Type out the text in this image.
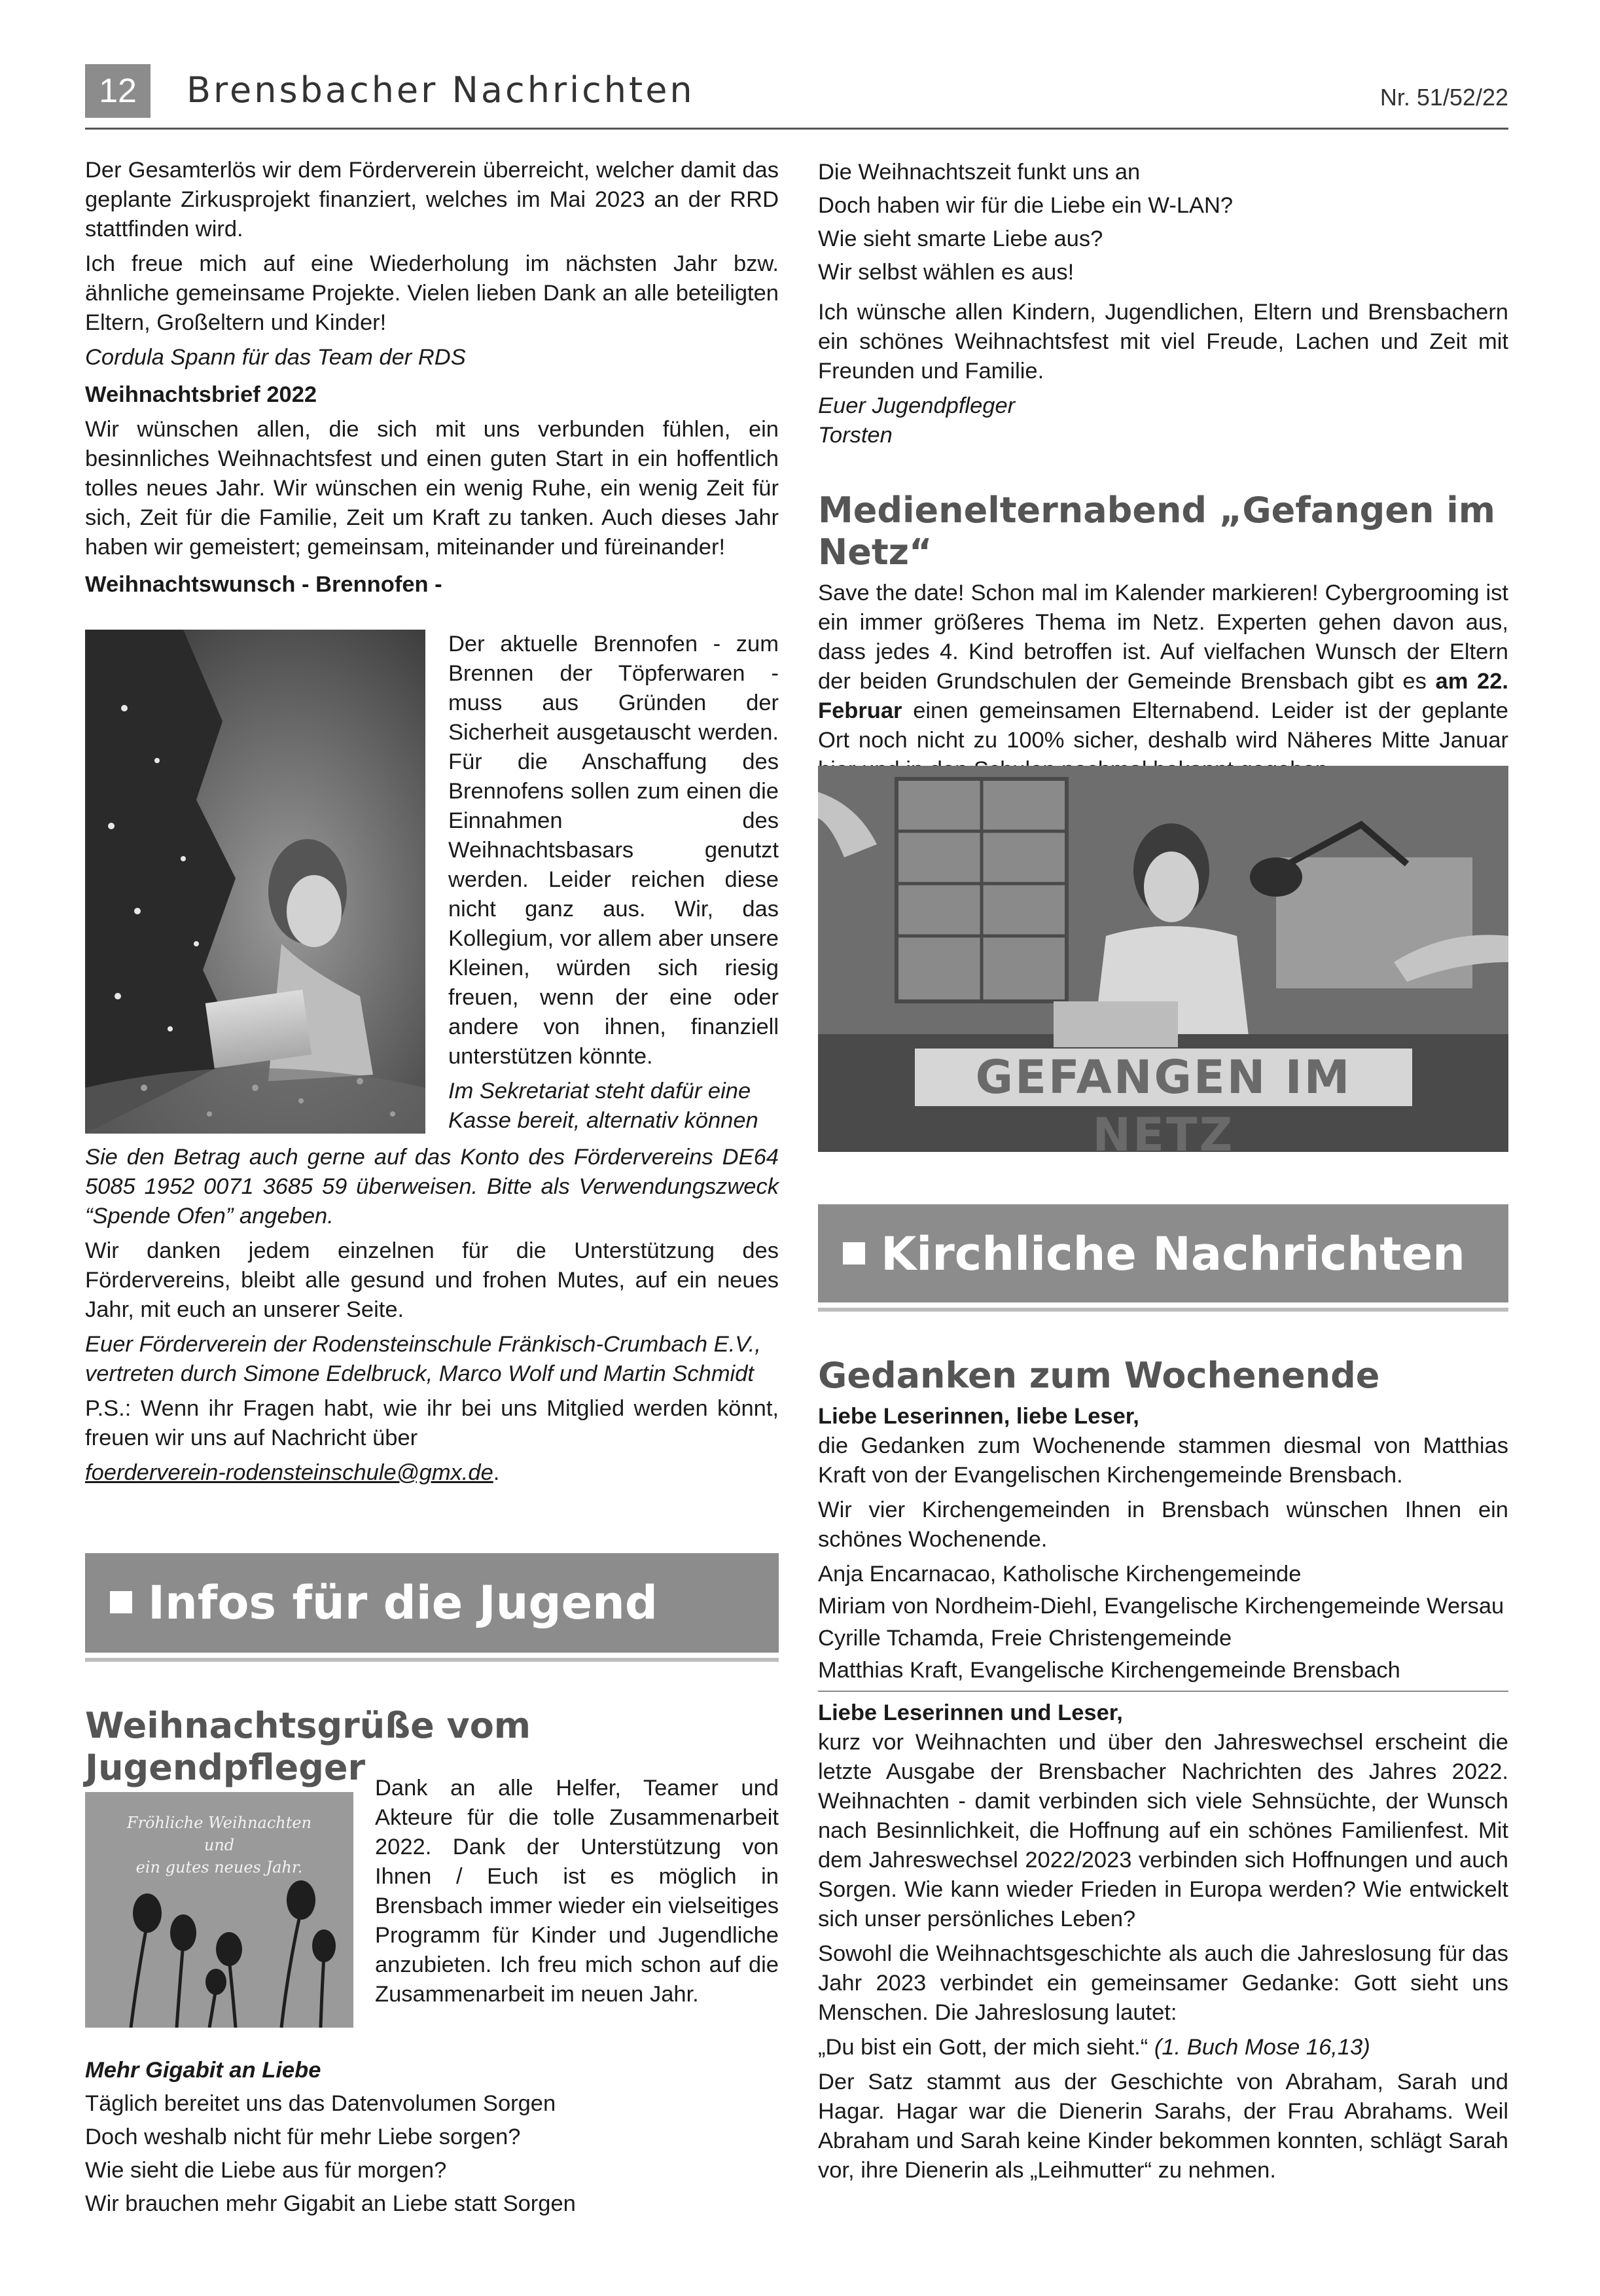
12	Brensbacher Nachrichten	Nr. 51/52/22

Der Gesamterlös wir dem Förderverein überreicht, welcher damit das geplante Zirkusprojekt finanziert, welches im Mai 2023 an der RRD stattfinden wird.

Ich freue mich auf eine Wiederholung im nächsten Jahr bzw. ähnliche gemeinsame Projekte. Vielen lieben Dank an alle beteiligten Eltern, Großeltern und Kinder!

Cordula Spann für das Team der RDS

Weihnachtsbrief 2022

Wir wünschen allen, die sich mit uns verbunden fühlen, ein besinnliches Weihnachtsfest und einen guten Start in ein hoffentlich tolles neues Jahr. Wir wünschen ein wenig Ruhe, ein wenig Zeit für sich, Zeit für die Familie, Zeit um Kraft zu tanken. Auch dieses Jahr haben wir gemeistert; gemeinsam, miteinander und füreinander!

Weihnachtswunsch - Brennofen -

Der aktuelle Brennofen - zum Brennen der Töpferwaren - muss aus Gründen der Sicherheit ausgetauscht werden. Für die Anschaffung des Brennofens sollen zum einen die Einnahmen des Weihnachtsbasars genutzt werden. Leider reichen diese nicht ganz aus. Wir, das Kollegium, vor allem aber unsere Kleinen, würden sich riesig freuen, wenn der eine oder andere von ihnen, finanziell unterstützen könnte.

Im Sekretariat steht dafür eine Kasse bereit, alternativ können

Sie den Betrag auch gerne auf das Konto des Fördervereins DE64 5085 1952 0071 3685 59 überweisen. Bitte als Verwendungszweck “Spende Ofen” angeben.

Wir danken jedem einzelnen für die Unterstützung des Fördervereins, bleibt alle gesund und frohen Mutes, auf ein neues Jahr, mit euch an unserer Seite.

Euer Förderverein der Rodensteinschule Fränkisch-Crumbach E.V., vertreten durch Simone Edelbruck, Marco Wolf und Martin Schmidt

P.S.: Wenn ihr Fragen habt, wie ihr bei uns Mitglied werden könnt, freuen wir uns auf Nachricht über

foerderverein-rodensteinschule@gmx.de.

Infos für die Jugend
Weihnachtsgrüße vom Jugendpfleger
Fröhliche Weihnachten
und
ein gutes neues Jahr.

Dank an alle Helfer, Teamer und Akteure für die tolle Zusammenarbeit 2022. Dank der Unterstützung von Ihnen / Euch ist es möglich in Brensbach immer wieder ein vielseitiges Programm für Kinder und Jugendliche anzubieten. Ich freu mich schon auf die Zusammenarbeit im neuen Jahr.

Mehr Gigabit an Liebe

Täglich bereitet uns das Datenvolumen Sorgen
Doch weshalb nicht für mehr Liebe sorgen?
Wie sieht die Liebe aus für morgen?
Wir brauchen mehr Gigabit an Liebe statt Sorgen
Die Weihnachtszeit funkt uns an
Doch haben wir für die Liebe ein W-LAN?
Wie sieht smarte Liebe aus?
Wir selbst wählen es aus!

Ich wünsche allen Kindern, Jugendlichen, Eltern und Brensbachern ein schönes Weihnachtsfest mit viel Freude, Lachen und Zeit mit Freunden und Familie.

Euer Jugendpfleger

Torsten

Medienelternabend „Gefangen im Netz“

Save the date! Schon mal im Kalender markieren! Cybergrooming ist ein immer größeres Thema im Netz. Experten gehen davon aus, dass jedes 4. Kind betroffen ist. Auf vielfachen Wunsch der Eltern der beiden Grundschulen der Gemeinde Brensbach gibt es am 22. Februar einen gemeinsamen Elternabend. Leider ist der geplante Ort noch nicht zu 100% sicher, deshalb wird Näheres Mitte Januar

GEFANGEN IM NETZ
Kirchliche Nachrichten
Gedanken zum Wochenende

Liebe Leserinnen, liebe Leser,

die Gedanken zum Wochenende stammen diesmal von Matthias Kraft von der Evangelischen Kirchengemeinde Brensbach.

Wir vier Kirchengemeinden in Brensbach wünschen Ihnen ein schönes Wochenende.

Anja Encarnacao, Katholische Kirchengemeinde

Miriam von Nordheim-Diehl, Evangelische Kirchengemeinde Wersau

Cyrille Tchamda, Freie Christengemeinde

Matthias Kraft, Evangelische Kirchengemeinde Brensbach

Liebe Leserinnen und Leser,

kurz vor Weihnachten und über den Jahreswechsel erscheint die letzte Ausgabe der Brensbacher Nachrichten des Jahres 2022. Weihnachten - damit verbinden sich viele Sehnsüchte, der Wunsch nach Besinnlichkeit, die Hoffnung auf ein schönes Familienfest. Mit dem Jahreswechsel 2022/2023 verbinden sich Hoffnungen und auch Sorgen. Wie kann wieder Frieden in Europa werden? Wie entwickelt sich unser persönliches Leben?

Sowohl die Weihnachtsgeschichte als auch die Jahreslosung für das Jahr 2023 verbindet ein gemeinsamer Gedanke: Gott sieht uns Menschen. Die Jahreslosung lautet:

„Du bist ein Gott, der mich sieht.“ (1. Buch Mose 16,13)

Der Satz stammt aus der Geschichte von Abraham, Sarah und Hagar. Hagar war die Dienerin Sarahs, der Frau Abrahams. Weil Abraham und Sarah keine Kinder bekommen konnten, schlägt Sarah vor, ihre Dienerin als „Leihmutter“ zu nehmen.
